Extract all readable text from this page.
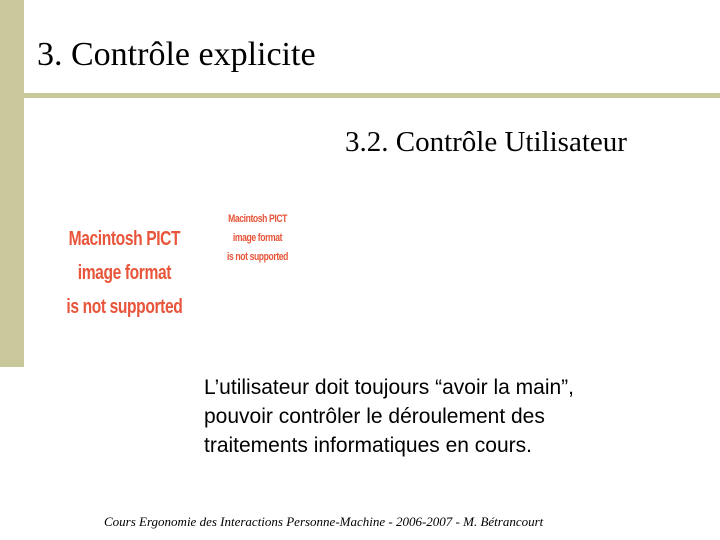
3. Contrôle explicite
3.2. Contrôle Utilisateur
Macintosh PICT
image format
is not supported
Macintosh PICT
image format
is not supported
L’utilisateur doit toujours “avoir la main”,
pouvoir contrôler le déroulement des
traitements informatiques en cours.
Cours Ergonomie des Interactions Personne-Machine - 2006-2007 - M. Bétrancourt
